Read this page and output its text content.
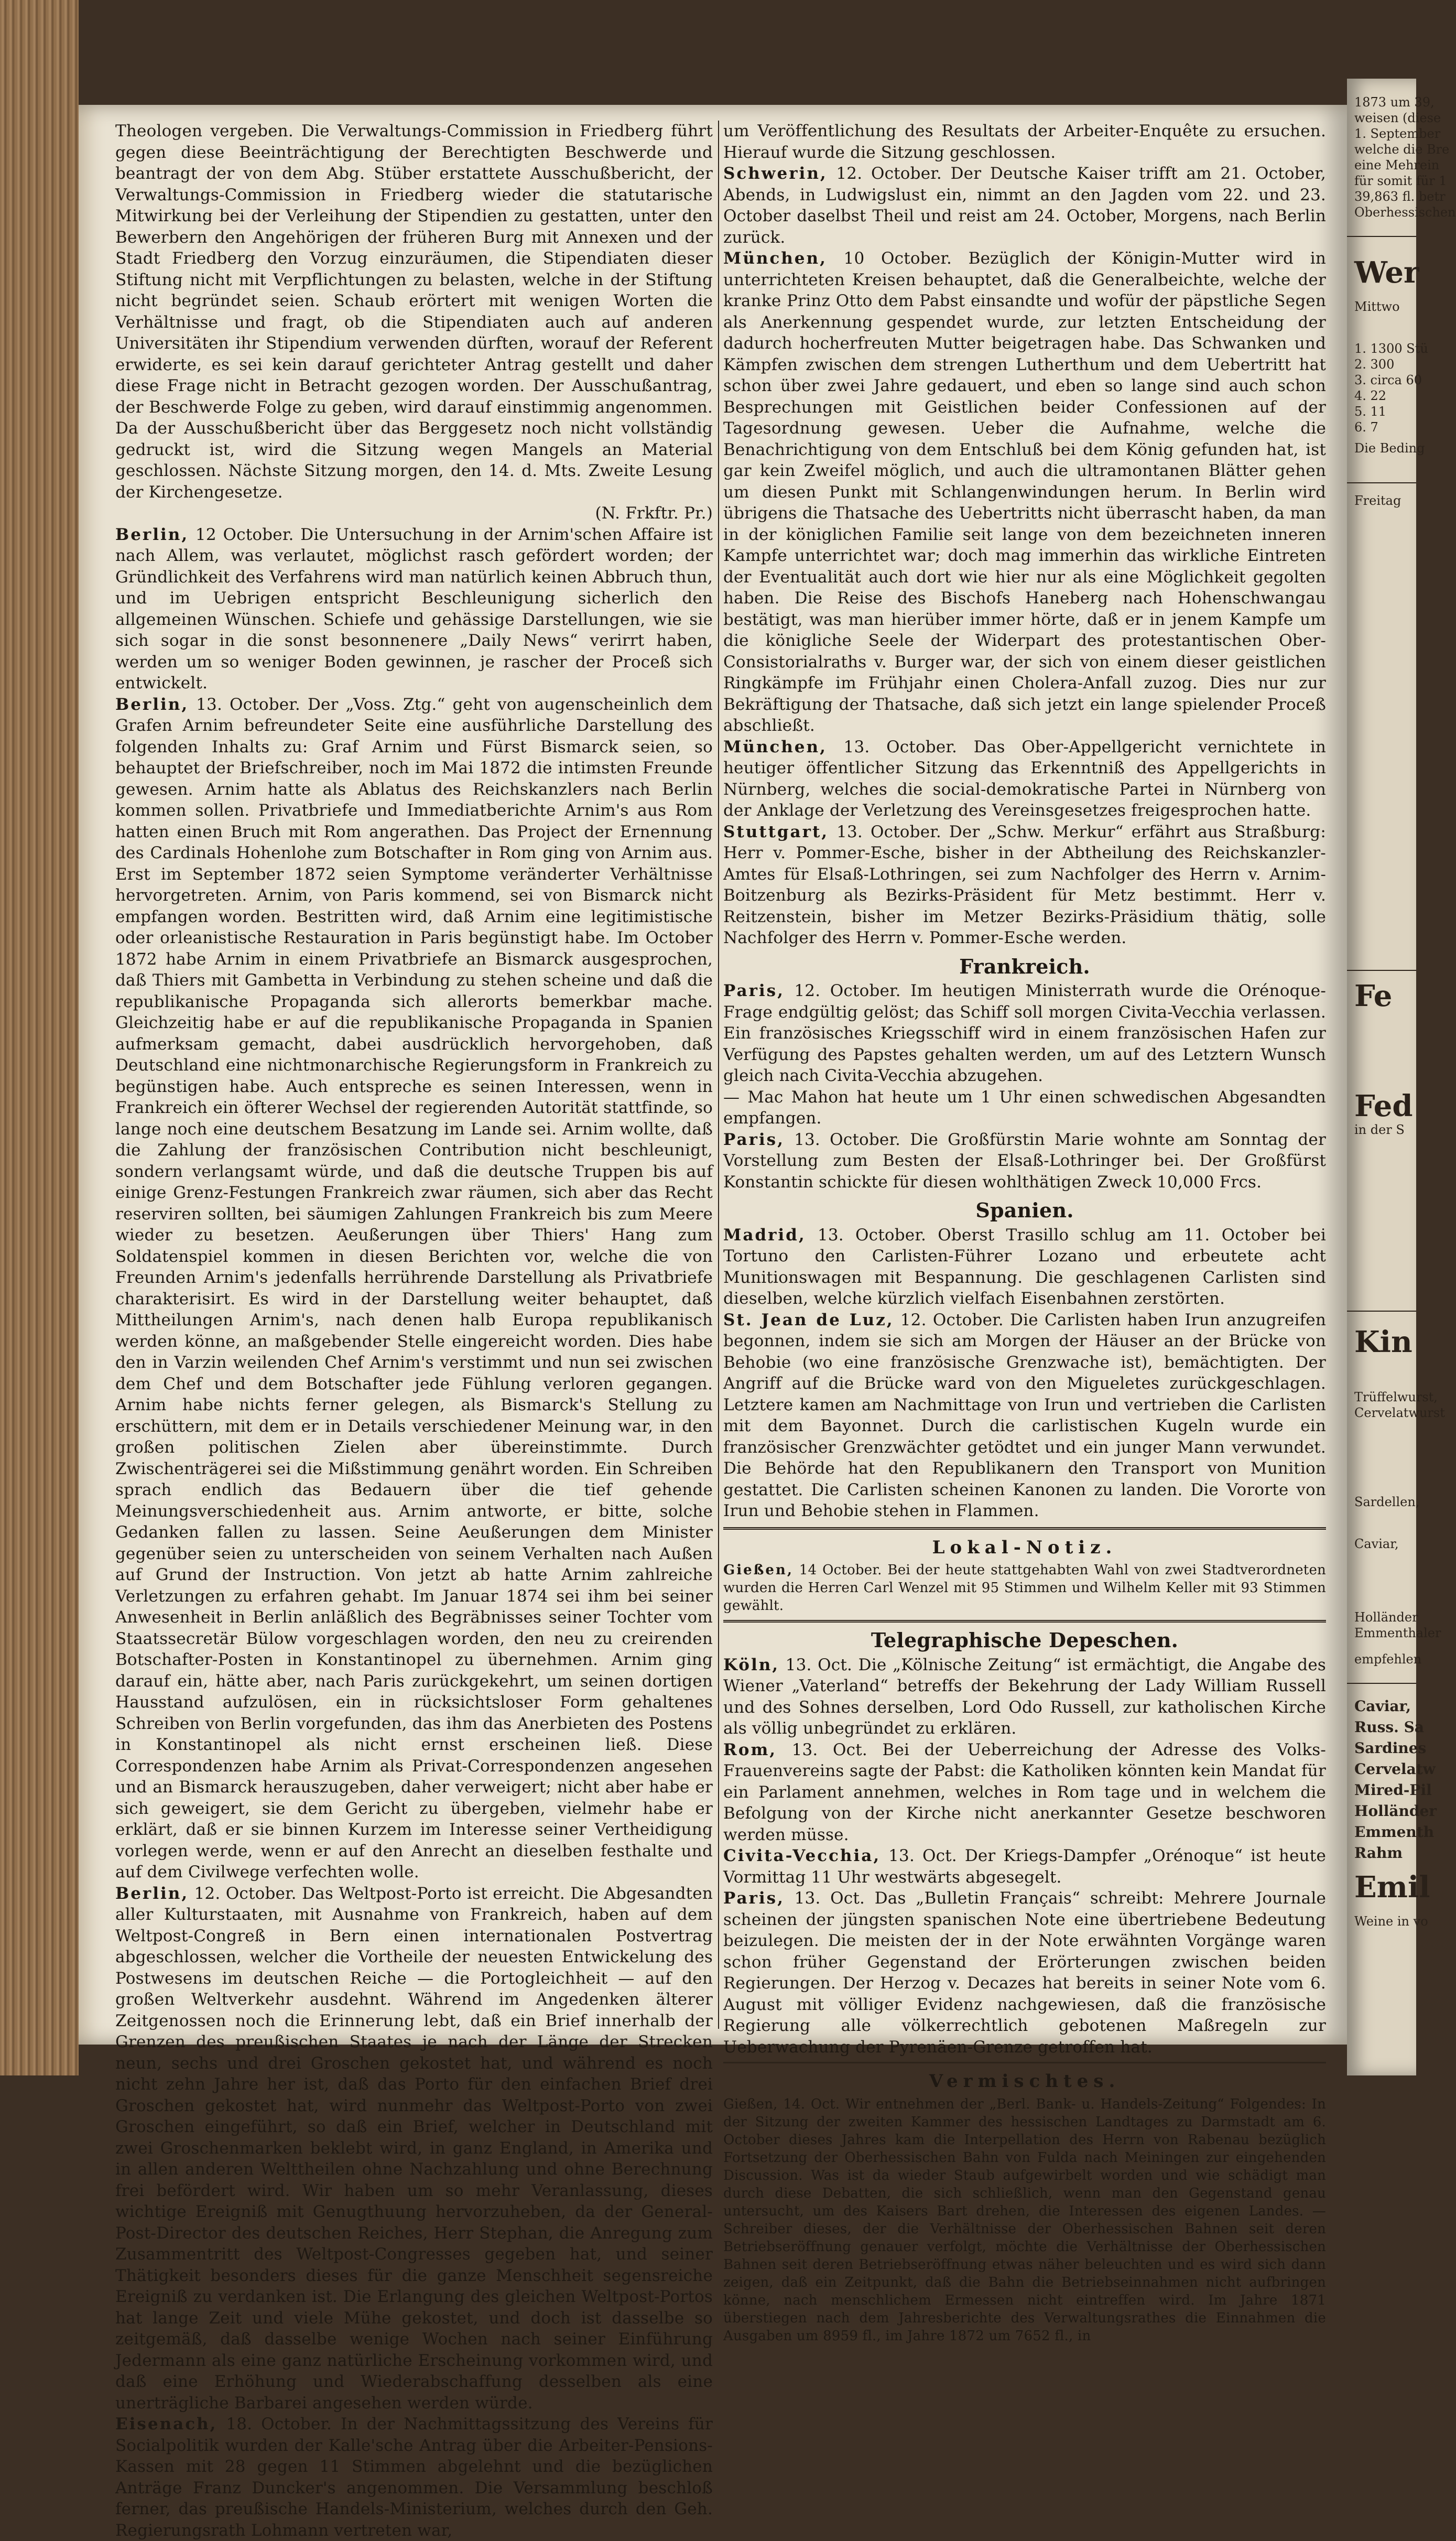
Theologen vergeben. Die Verwaltungs-Commission in Friedberg führt gegen diese Beeinträchtigung der Berechtigten Beschwerde und beantragt der von dem Abg. Stüber erstattete Ausschußbericht, der Verwaltungs-Commission in Friedberg wieder die statutarische Mitwirkung bei der Verleihung der Stipendien zu gestatten, unter den Bewerbern den Angehörigen der früheren Burg mit Annexen und der Stadt Friedberg den Vorzug einzuräumen, die Stipendiaten dieser Stiftung nicht mit Verpflichtungen zu belasten, welche in der Stiftung nicht begründet seien. Schaub erörtert mit wenigen Worten die Verhältnisse und fragt, ob die Stipendiaten auch auf anderen Universitäten ihr Stipendium verwenden dürften, worauf der Referent erwiderte, es sei kein darauf gerichteter Antrag gestellt und daher diese Frage nicht in Betracht gezogen worden. Der Ausschußantrag, der Beschwerde Folge zu geben, wird darauf einstimmig angenommen. Da der Ausschußbericht über das Berggesetz noch nicht vollständig gedruckt ist, wird die Sitzung wegen Mangels an Material geschlossen. Nächste Sitzung morgen, den 14. d. Mts. Zweite Lesung der Kirchengesetze.

(N. Frkftr. Pr.)

Berlin, 12 October. Die Untersuchung in der Arnim'schen Affaire ist nach Allem, was verlautet, möglichst rasch gefördert worden; der Gründlichkeit des Verfahrens wird man natürlich keinen Abbruch thun, und im Uebrigen entspricht Beschleunigung sicherlich den allgemeinen Wünschen. Schiefe und gehässige Darstellungen, wie sie sich sogar in die sonst besonnenere „Daily News“ verirrt haben, werden um so weniger Boden gewinnen, je rascher der Proceß sich entwickelt.

Berlin, 13. October. Der „Voss. Ztg.“ geht von augenscheinlich dem Grafen Arnim befreundeter Seite eine ausführliche Darstellung des folgenden Inhalts zu: Graf Arnim und Fürst Bismarck seien, so behauptet der Briefschreiber, noch im Mai 1872 die intimsten Freunde gewesen. Arnim hatte als Ablatus des Reichskanzlers nach Berlin kommen sollen. Privatbriefe und Immediatberichte Arnim's aus Rom hatten einen Bruch mit Rom angerathen. Das Project der Ernennung des Cardinals Hohenlohe zum Botschafter in Rom ging von Arnim aus. Erst im September 1872 seien Symptome veränderter Verhältnisse hervorgetreten. Arnim, von Paris kommend, sei von Bismarck nicht empfangen worden. Bestritten wird, daß Arnim eine legitimistische oder orleanistische Restauration in Paris begünstigt habe. Im October 1872 habe Arnim in einem Privatbriefe an Bismarck ausgesprochen, daß Thiers mit Gambetta in Verbindung zu stehen scheine und daß die republikanische Propaganda sich allerorts bemerkbar mache. Gleichzeitig habe er auf die republikanische Propaganda in Spanien aufmerksam gemacht, dabei ausdrücklich hervorgehoben, daß Deutschland eine nichtmonarchische Regierungsform in Frankreich zu begünstigen habe. Auch entspreche es seinen Interessen, wenn in Frankreich ein öfterer Wechsel der regierenden Autorität stattfinde, so lange noch eine deutschem Besatzung im Lande sei. Arnim wollte, daß die Zahlung der französischen Contribution nicht beschleunigt, sondern verlangsamt würde, und daß die deutsche Truppen bis auf einige Grenz-Festungen Frankreich zwar räumen, sich aber das Recht reserviren sollten, bei säumigen Zahlungen Frankreich bis zum Meere wieder zu besetzen. Aeußerungen über Thiers' Hang zum Soldatenspiel kommen in diesen Berichten vor, welche die von Freunden Arnim's jedenfalls herrührende Darstellung als Privatbriefe charakterisirt. Es wird in der Darstellung weiter behauptet, daß Mittheilungen Arnim's, nach denen halb Europa republikanisch werden könne, an maßgebender Stelle eingereicht worden. Dies habe den in Varzin weilenden Chef Arnim's verstimmt und nun sei zwischen dem Chef und dem Botschafter jede Fühlung verloren gegangen. Arnim habe nichts ferner gelegen, als Bismarck's Stellung zu erschüttern, mit dem er in Details verschiedener Meinung war, in den großen politischen Zielen aber übereinstimmte. Durch Zwischenträgerei sei die Mißstimmung genährt worden. Ein Schreiben sprach endlich das Bedauern über die tief gehende Meinungsverschiedenheit aus. Arnim antworte, er bitte, solche Gedanken fallen zu lassen. Seine Aeußerungen dem Minister gegenüber seien zu unterscheiden von seinem Verhalten nach Außen auf Grund der Instruction. Von jetzt ab hatte Arnim zahlreiche Verletzungen zu erfahren gehabt. Im Januar 1874 sei ihm bei seiner Anwesenheit in Berlin anläßlich des Begräbnisses seiner Tochter vom Staatssecretär Bülow vorgeschlagen worden, den neu zu creirenden Botschafter-Posten in Konstantinopel zu übernehmen. Arnim ging darauf ein, hätte aber, nach Paris zurückgekehrt, um seinen dortigen Hausstand aufzulösen, ein in rücksichtsloser Form gehaltenes Schreiben von Berlin vorgefunden, das ihm das Anerbieten des Postens in Konstantinopel als nicht ernst erscheinen ließ. Diese Correspondenzen habe Arnim als Privat-Correspondenzen angesehen und an Bismarck herauszugeben, daher verweigert; nicht aber habe er sich geweigert, sie dem Gericht zu übergeben, vielmehr habe er erklärt, daß er sie binnen Kurzem im Interesse seiner Vertheidigung vorlegen werde, wenn er auf den Anrecht an dieselben festhalte und auf dem Civilwege verfechten wolle.

Berlin, 12. October. Das Weltpost-Porto ist erreicht. Die Abgesandten aller Kulturstaaten, mit Ausnahme von Frankreich, haben auf dem Weltpost-Congreß in Bern einen internationalen Postvertrag abgeschlossen, welcher die Vortheile der neuesten Entwickelung des Postwesens im deutschen Reiche — die Portogleichheit — auf den großen Weltverkehr ausdehnt. Während im Angedenken älterer Zeitgenossen noch die Erinnerung lebt, daß ein Brief innerhalb der Grenzen des preußischen Staates je nach der Länge der Strecken neun, sechs und drei Groschen gekostet hat, und während es noch nicht zehn Jahre her ist, daß das Porto für den einfachen Brief drei Groschen gekostet hat, wird nunmehr das Weltpost-Porto von zwei Groschen eingeführt, so daß ein Brief, welcher in Deutschland mit zwei Groschenmarken beklebt wird, in ganz England, in Amerika und in allen anderen Welttheilen ohne Nachzahlung und ohne Berechnung frei befördert wird. Wir haben um so mehr Veranlassung, dieses wichtige Ereigniß mit Genugthuung hervorzuheben, da der General-Post-Director des deutschen Reiches, Herr Stephan, die Anregung zum Zusammentritt des Weltpost-Congresses gegeben hat, und seiner Thätigkeit besonders dieses für die ganze Menschheit segensreiche Ereigniß zu verdanken ist. Die Erlangung des gleichen Weltpost-Portos hat lange Zeit und viele Mühe gekostet, und doch ist dasselbe so zeitgemäß, daß dasselbe wenige Wochen nach seiner Einführung Jedermann als eine ganz natürliche Erscheinung vorkommen wird, und daß eine Erhöhung und Wiederabschaffung desselben als eine unerträgliche Barbarei angesehen werden würde.

Eisenach, 18. October. In der Nachmittagssitzung des Vereins für Socialpolitik wurden der Kalle'sche Antrag über die Arbeiter-Pensions-Kassen mit 28 gegen 11 Stimmen abgelehnt und die bezüglichen Anträge Franz Duncker's angenommen. Die Versammlung beschloß ferner, das preußische Handels-Ministerium, welches durch den Geh. Regierungsrath Lohmann vertreten war,

um Veröffentlichung des Resultats der Arbeiter-Enquête zu ersuchen. Hierauf wurde die Sitzung geschlossen.

Schwerin, 12. October. Der Deutsche Kaiser trifft am 21. October, Abends, in Ludwigslust ein, nimmt an den Jagden vom 22. und 23. October daselbst Theil und reist am 24. October, Morgens, nach Berlin zurück.

München, 10 October. Bezüglich der Königin-Mutter wird in unterrichteten Kreisen behauptet, daß die Generalbeichte, welche der kranke Prinz Otto dem Pabst einsandte und wofür der päpstliche Segen als Anerkennung gespendet wurde, zur letzten Entscheidung der dadurch hocherfreuten Mutter beigetragen habe. Das Schwanken und Kämpfen zwischen dem strengen Lutherthum und dem Uebertritt hat schon über zwei Jahre gedauert, und eben so lange sind auch schon Besprechungen mit Geistlichen beider Confessionen auf der Tagesordnung gewesen. Ueber die Aufnahme, welche die Benachrichtigung von dem Entschluß bei dem König gefunden hat, ist gar kein Zweifel möglich, und auch die ultramontanen Blätter gehen um diesen Punkt mit Schlangenwindungen herum. In Berlin wird übrigens die Thatsache des Uebertritts nicht überrascht haben, da man in der königlichen Familie seit lange von dem bezeichneten inneren Kampfe unterrichtet war; doch mag immerhin das wirkliche Eintreten der Eventualität auch dort wie hier nur als eine Möglichkeit gegolten haben. Die Reise des Bischofs Haneberg nach Hohenschwangau bestätigt, was man hierüber immer hörte, daß er in jenem Kampfe um die königliche Seele der Widerpart des protestantischen Ober-Consistorialraths v. Burger war, der sich von einem dieser geistlichen Ringkämpfe im Frühjahr einen Cholera-Anfall zuzog. Dies nur zur Bekräftigung der Thatsache, daß sich jetzt ein lange spielender Proceß abschließt.

München, 13. October. Das Ober-Appellgericht vernichtete in heutiger öffentlicher Sitzung das Erkenntniß des Appellgerichts in Nürnberg, welches die social-demokratische Partei in Nürnberg von der Anklage der Verletzung des Vereinsgesetzes freigesprochen hatte.

Stuttgart, 13. October. Der „Schw. Merkur“ erfährt aus Straßburg: Herr v. Pommer-Esche, bisher in der Abtheilung des Reichskanzler-Amtes für Elsaß-Lothringen, sei zum Nachfolger des Herrn v. Arnim-Boitzenburg als Bezirks-Präsident für Metz bestimmt. Herr v. Reitzenstein, bisher im Metzer Bezirks-Präsidium thätig, solle Nachfolger des Herrn v. Pommer-Esche werden.

Frankreich.

Paris, 12. October. Im heutigen Ministerrath wurde die Orénoque-Frage endgültig gelöst; das Schiff soll morgen Civita-Vecchia verlassen. Ein französisches Kriegsschiff wird in einem französischen Hafen zur Verfügung des Papstes gehalten werden, um auf des Letztern Wunsch gleich nach Civita-Vecchia abzugehen.

— Mac Mahon hat heute um 1 Uhr einen schwedischen Abgesandten empfangen.

Paris, 13. October. Die Großfürstin Marie wohnte am Sonntag der Vorstellung zum Besten der Elsaß-Lothringer bei. Der Großfürst Konstantin schickte für diesen wohlthätigen Zweck 10,000 Frcs.

Spanien.

Madrid, 13. October. Oberst Trasillo schlug am 11. October bei Tortuno den Carlisten-Führer Lozano und erbeutete acht Munitionswagen mit Bespannung. Die geschlagenen Carlisten sind dieselben, welche kürzlich vielfach Eisenbahnen zerstörten.

St. Jean de Luz, 12. October. Die Carlisten haben Irun anzugreifen begonnen, indem sie sich am Morgen der Häuser an der Brücke von Behobie (wo eine französische Grenzwache ist), bemächtigten. Der Angriff auf die Brücke ward von den Migueletes zurückgeschlagen. Letztere kamen am Nachmittage von Irun und vertrieben die Carlisten mit dem Bayonnet. Durch die carlistischen Kugeln wurde ein französischer Grenzwächter getödtet und ein junger Mann verwundet. Die Behörde hat den Republikanern den Transport von Munition gestattet. Die Carlisten scheinen Kanonen zu landen. Die Vororte von Irun und Behobie stehen in Flammen.

Lokal-Notiz.

Gießen, 14 October. Bei der heute stattgehabten Wahl von zwei Stadtverordneten wurden die Herren Carl Wenzel mit 95 Stimmen und Wilhelm Keller mit 93 Stimmen gewählt.

Telegraphische Depeschen.

Köln, 13. Oct. Die „Kölnische Zeitung“ ist ermächtigt, die Angabe des Wiener „Vaterland“ betreffs der Bekehrung der Lady William Russell und des Sohnes derselben, Lord Odo Russell, zur katholischen Kirche als völlig unbegründet zu erklären.

Rom, 13. Oct. Bei der Ueberreichung der Adresse des Volks-Frauenvereins sagte der Pabst: die Katholiken könnten kein Mandat für ein Parlament annehmen, welches in Rom tage und in welchem die Befolgung von der Kirche nicht anerkannter Gesetze beschworen werden müsse.

Civita-Vecchia, 13. Oct. Der Kriegs-Dampfer „Orénoque“ ist heute Vormittag 11 Uhr westwärts abgesegelt.

Paris, 13. Oct. Das „Bulletin Français“ schreibt: Mehrere Journale scheinen der jüngsten spanischen Note eine übertriebene Bedeutung beizulegen. Die meisten der in der Note erwähnten Vorgänge waren schon früher Gegenstand der Erörterungen zwischen beiden Regierungen. Der Herzog v. Decazes hat bereits in seiner Note vom 6. August mit völliger Evidenz nachgewiesen, daß die französische Regierung alle völkerrechtlich gebotenen Maßregeln zur Ueberwachung der Pyrenäen-Grenze getroffen hat.

Vermischtes.

Gießen, 14. Oct. Wir entnehmen der „Berl. Bank- u. Handels-Zeitung“ Folgendes: In der Sitzung der zweiten Kammer des hessischen Landtages zu Darmstadt am 6. October dieses Jahres kam die Interpellation des Herrn von Rabenau bezüglich Fortsetzung der Oberhessischen Bahn von Fulda nach Meiningen zur eingehenden Discussion. Was ist da wieder Staub aufgewirbelt worden und wie schädigt man durch diese Debatten, die sich schließlich, wenn man den Gegenstand genau untersucht, um des Kaisers Bart drehen, die Interessen des eigenen Landes. — Schreiber dieses, der die Verhältnisse der Oberhessischen Bahnen seit deren Betriebseröffnung genauer verfolgt, möchte die Verhältnisse der Oberhessischen Bahnen seit deren Betriebseröffnung etwas näher beleuchten und es wird sich dann zeigen, daß ein Zeitpunkt, daß die Bahn die Betriebseinnahmen nicht aufbringen könne, nach menschlichem Ermessen nicht eintreffen wird. Im Jahre 1871 überstiegen nach dem Jahresberichte des Verwaltungsrathes die Einnahmen die Ausgaben um 8959 fl., im Jahre 1872 um 7652 fl., in

1873 um 39,
weisen (diese
1. September
welche die Bre
eine Mehrein
für somit für 1
39,863 fl. betr
Oberhessischen
Wer
Mittwo
1. 1300 Stü
2. 300
3. circa 60
4. 22
5. 11
6. 7
Die Beding
Freitag
Fe
Fed
in der S
Kin
Trüffelwurst,
Cervelatwurst
Sardellen,
Caviar,
Holländer
Emmenthaler
empfehlen
Caviar,
Russ. Sa
Sardines
Cervelatw
Mired-Pil
Holländer
Emmenth
Rahm
Emil
Weine in vo
